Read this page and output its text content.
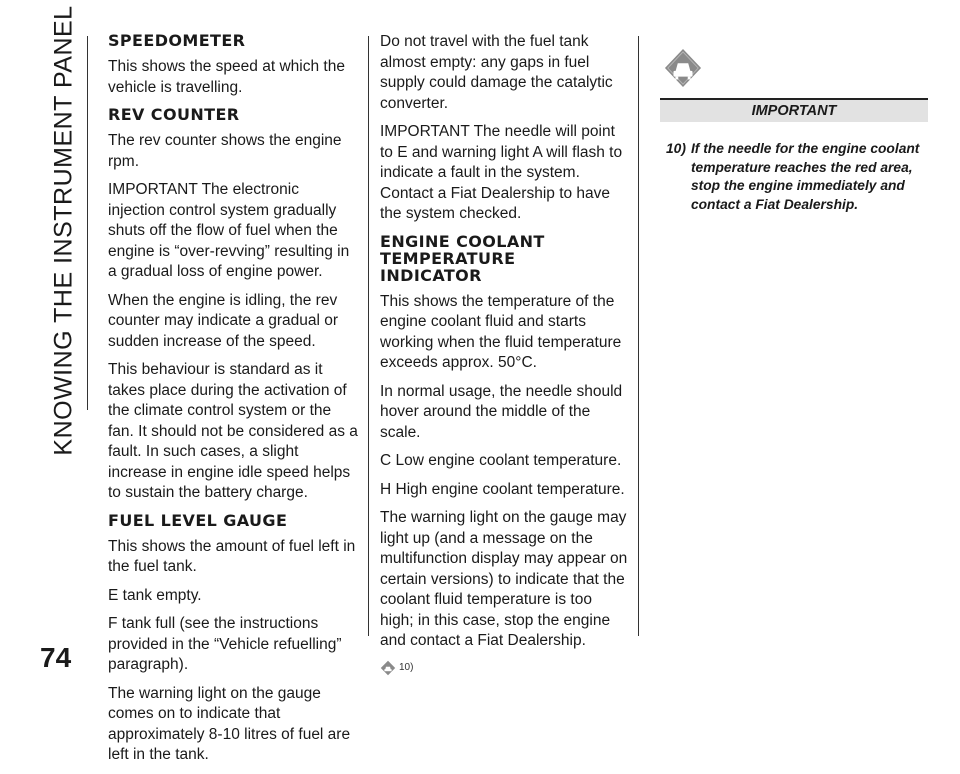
KNOWING THE INSTRUMENT PANEL SPEEDOMETER

This shows the speed at which the vehicle is travelling.

REV COUNTER

The rev counter shows the engine rpm.

IMPORTANT The electronic injection control system gradually shuts off the flow of fuel when the engine is “over-revving” resulting in a gradual loss of engine power.

When the engine is idling, the rev counter may indicate a gradual or sudden increase of the speed.

This behaviour is standard as it takes place during the activation of the climate control system or the fan. It should not be considered as a fault. In such cases, a slight increase in engine idle speed helps to sustain the battery charge.

FUEL LEVEL GAUGE

This shows the amount of fuel left in the fuel tank.

E tank empty.

F tank full (see the instructions provided in the “Vehicle refuelling” paragraph).

The warning light on the gauge comes on to indicate that approximately 8-10 litres of fuel are left in the tank.

Do not travel with the fuel tank almost empty: any gaps in fuel supply could damage the catalytic converter.

IMPORTANT The needle will point to E and warning light A will flash to indicate a fault in the system. Contact a Fiat Dealership to have the system checked.

ENGINE COOLANT
TEMPERATURE
INDICATOR

This shows the temperature of the engine coolant fluid and starts working when the fluid temperature exceeds approx. 50°C.

In normal usage, the needle should hover around the middle of the scale.

C Low engine coolant temperature.

H High engine coolant temperature.

The warning light on the gauge may light up (and a message on the multifunction display may appear on certain versions) to indicate that the coolant fluid temperature is too high; in this case, stop the engine and contact a Fiat Dealership.

10)
IMPORTANT

10) If the needle for the engine coolant temperature reaches the red area, stop the engine immediately and contact a Fiat Dealership.

74
